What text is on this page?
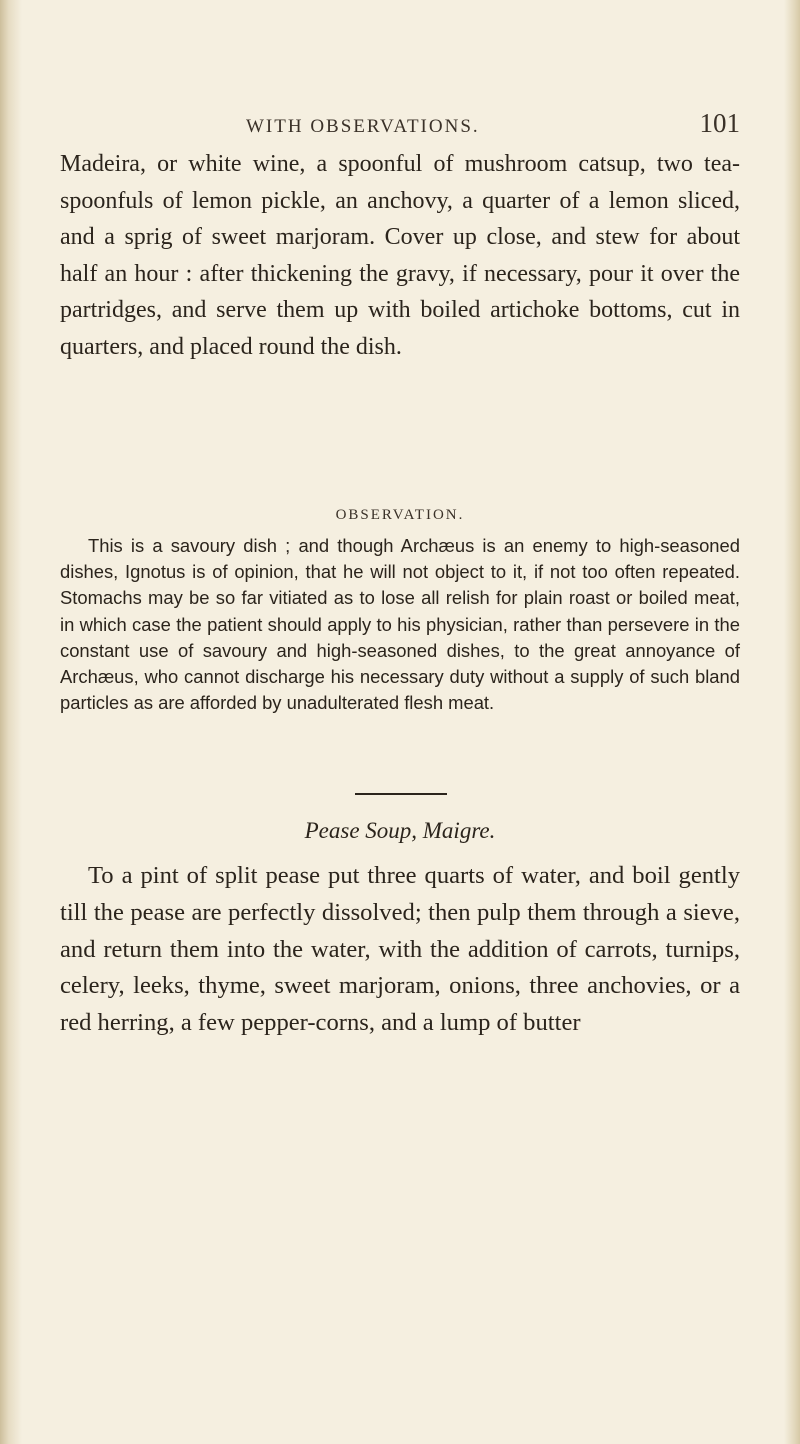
WITH OBSERVATIONS.	101
Madeira, or white wine, a spoonful of mushroom catsup, two tea-spoonfuls of lemon pickle, an anchovy, a quarter of a lemon sliced, and a sprig of sweet marjoram. Cover up close, and stew for about half an hour : after thickening the gravy, if necessary, pour it over the partridges, and serve them up with boiled artichoke bottoms, cut in quarters, and placed round the dish.
OBSERVATION.
This is a savoury dish ; and though Archæus is an enemy to high-seasoned dishes, Ignotus is of opinion, that he will not object to it, if not too often repeated. Stomachs may be so far vitiated as to lose all relish for plain roast or boiled meat, in which case the patient should apply to his physician, rather than persevere in the constant use of savoury and high-seasoned dishes, to the great annoyance of Archæus, who cannot discharge his necessary duty without a supply of such bland particles as are afforded by unadulterated flesh meat.
Pease Soup, Maigre.
To a pint of split pease put three quarts of water, and boil gently till the pease are perfectly dissolved; then pulp them through a sieve, and return them into the water, with the addition of carrots, turnips, celery, leeks, thyme, sweet marjoram, onions, three anchovies, or a red herring, a few pepper-corns, and a lump of butter
